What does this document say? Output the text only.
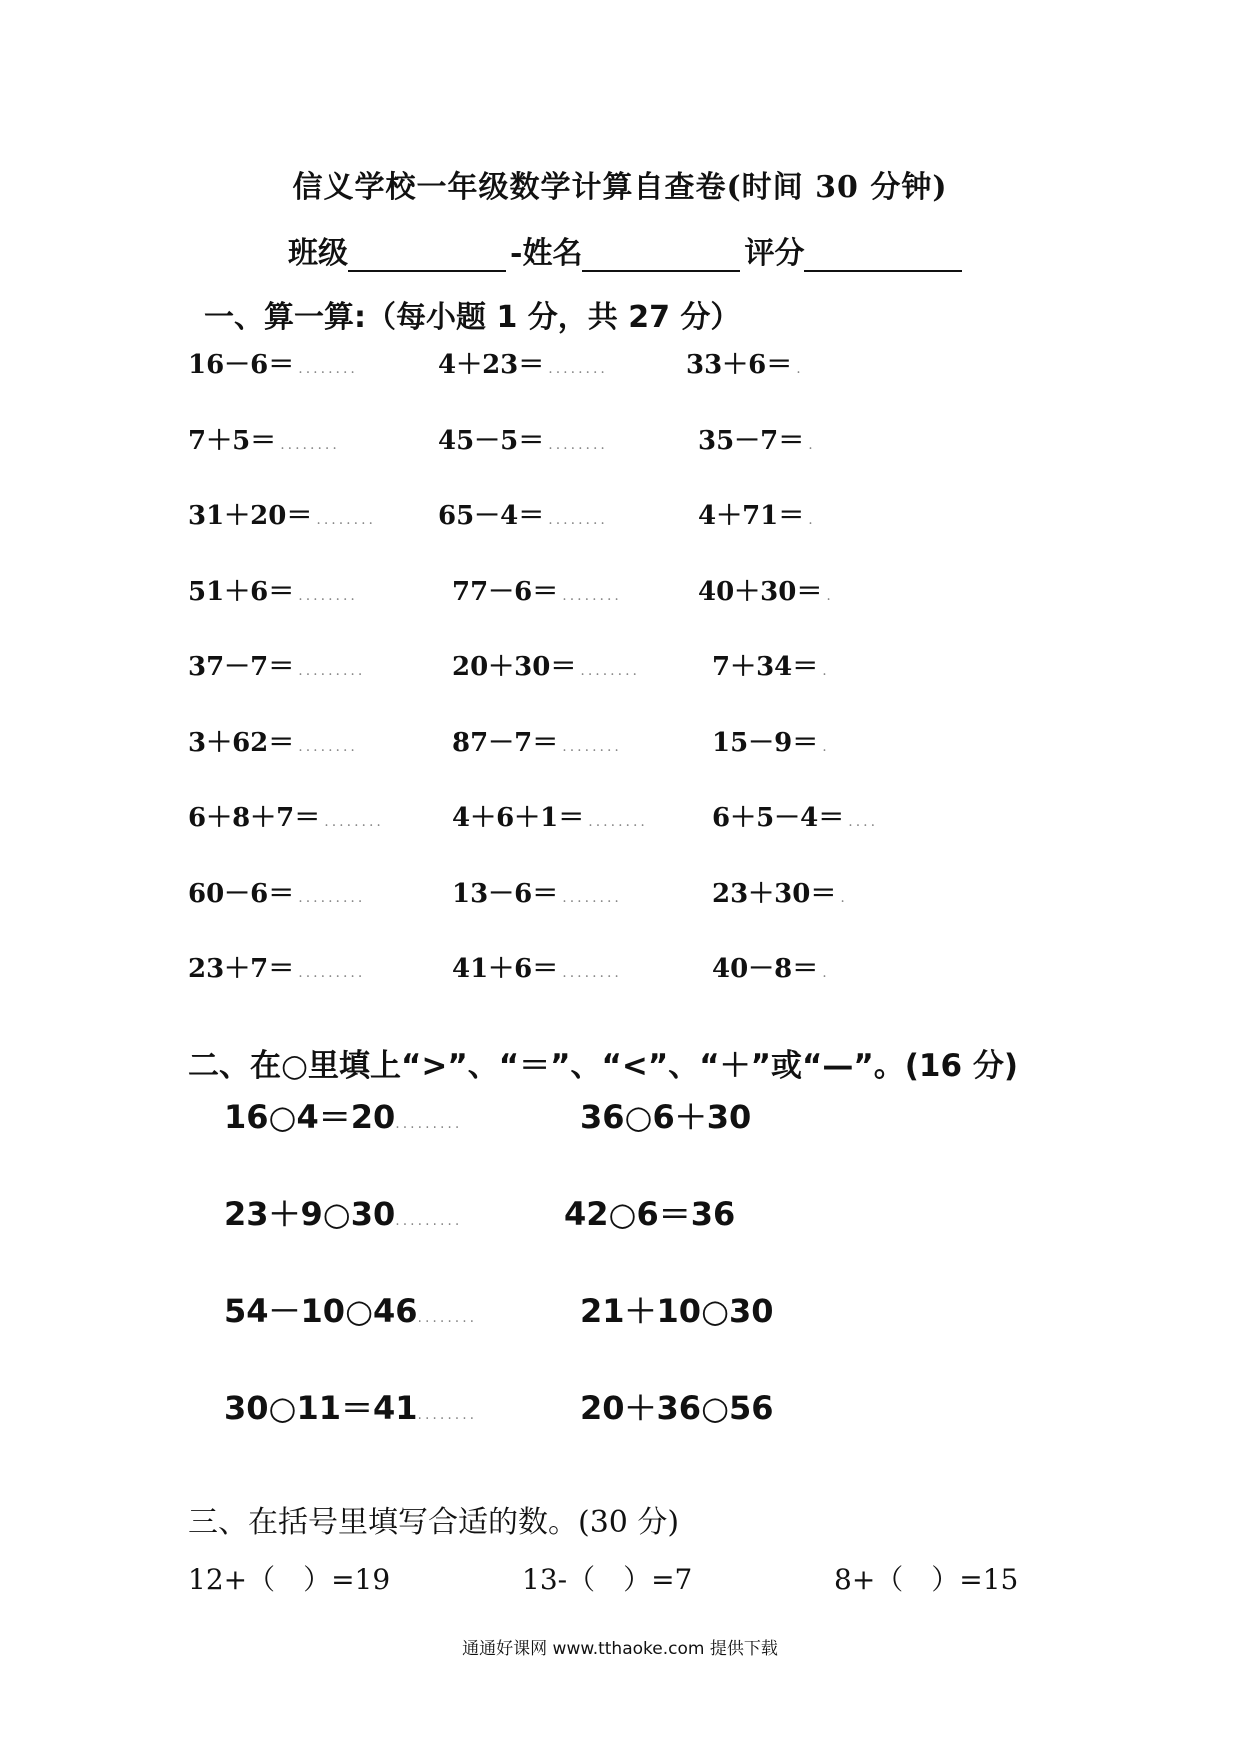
信义学校一年级数学计算自查卷(时间 30 分钟)
班级	-姓名	评分
一、算一算:（每小题 1 分，共 27 分）
16－6＝ ........	4＋23＝ ........	33＋6＝ .
7＋5＝ ........	45－5＝ ........	35－7＝ .
31＋20＝ ........ 65－4＝ ........	4＋71＝ .
51＋6＝ ........	77－6＝ ........	40＋30＝ .
37－7＝ .........	20＋30＝ ........	7＋34＝ .
3＋62＝ ........	87－7＝ ........	15－9＝ .
6＋8＋7＝ ........	4＋6＋1＝ ........ 6＋5－4＝ ....
60－6＝ .........	13－6＝ ........	23＋30＝ .
23＋7＝ .........	41＋6＝ ........	40－8＝ .
二、在○里填上“>”、“＝”、“<”、“＋”或“—”。(16 分)
16○4＝20.........	36○6＋30
23＋9○30.........	42○6＝36
54－10○46........	21＋10○30
30○11＝41........	20＋36○56
三、在括号里填写合适的数。(30 分)
12+（　）=19	13-（　）=7	8+（　）=15
通通好课网 www.tthaoke.com 提供下载
